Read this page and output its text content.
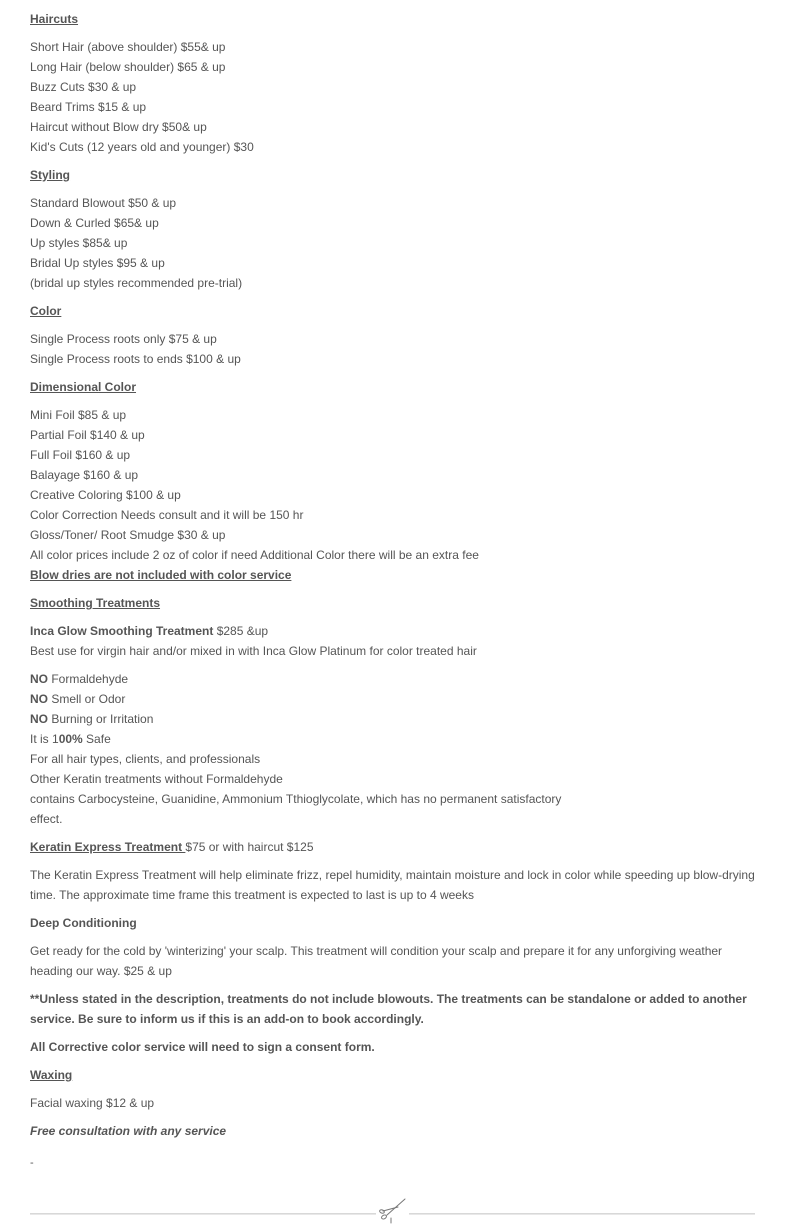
Haircuts
Short Hair (above shoulder) $55& up
Long Hair (below shoulder) $65 & up
Buzz Cuts $30 & up
Beard Trims $15 & up
Haircut without Blow dry $50& up
Kid's Cuts (12 years old and younger) $30
Styling
Standard Blowout $50 & up
Down & Curled $65& up
Up styles $85& up
Bridal Up styles $95 & up
(bridal up styles recommended pre-trial)
Color
Single Process roots only $75 & up
Single Process roots to ends $100 & up
Dimensional Color
Mini Foil $85 & up
Partial Foil $140 & up
Full Foil $160 & up
Balayage $160 & up
Creative Coloring $100 & up
Color Correction Needs consult and it will be 150 hr
Gloss/Toner/ Root Smudge $30 & up
All color prices include 2 oz of color if need Additional Color there will be an extra fee
Blow dries are not included with color service
Smoothing Treatments
Inca Glow Smoothing Treatment $285 &up
Best use for virgin hair and/or mixed in with Inca Glow Platinum for color treated hair
NO Formaldehyde
NO Smell or Odor
NO Burning or Irritation
It is 100% Safe
For all hair types, clients, and professionals
Other Keratin treatments without Formaldehyde
contains Carbocysteine, Guanidine, Ammonium Tthioglycolate, which has no permanent satisfactory
effect.
Keratin Express Treatment $75 or with haircut $125
The Keratin Express Treatment will help eliminate frizz, repel humidity, maintain moisture and lock in color while speeding up blow-drying time. The approximate time frame this treatment is expected to last is up to 4 weeks
Deep Conditioning
Get ready for the cold by 'winterizing' your scalp. This treatment will condition your scalp and prepare it for any unforgiving weather heading our way. $25 & up
**Unless stated in the description, treatments do not include blowouts. The treatments can be standalone or added to another service. Be sure to inform us if this is an add-on to book accordingly.
All Corrective color service will need to sign a consent form.
Waxing
Facial waxing $12 & up
Free consultation with any service
-
